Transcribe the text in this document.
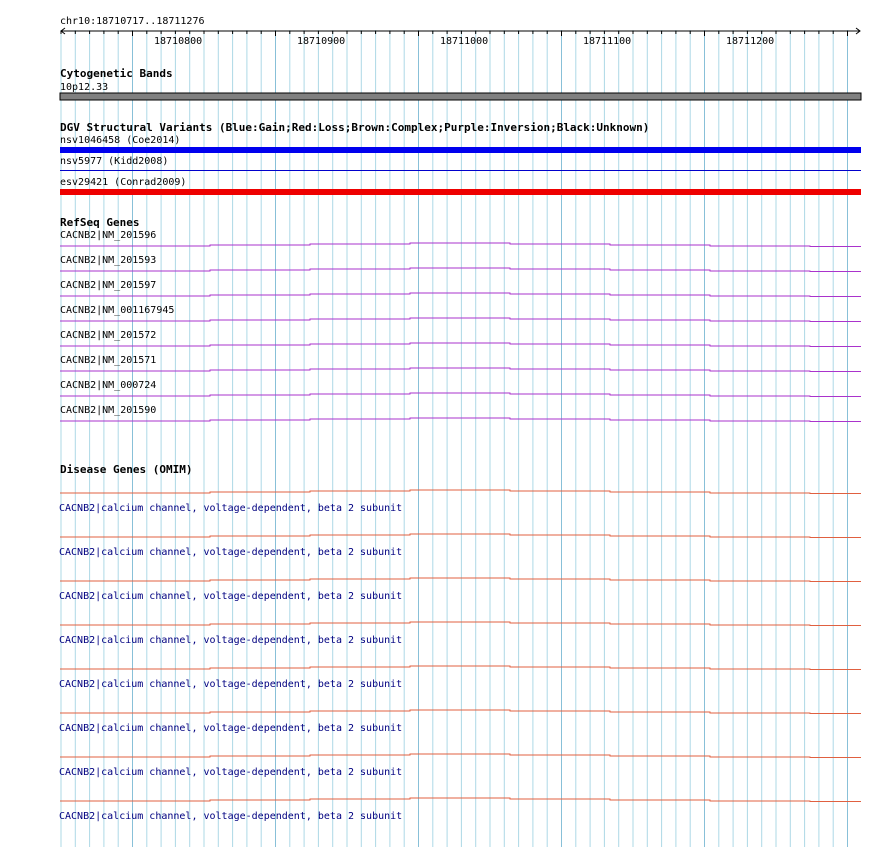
chr10:18710717..18711276
18710800	18710900	18711000	18711100	18711200
Cytogenetic Bands
10p12.33
DGV Structural Variants (Blue:Gain;Red:Loss;Brown:Complex;Purple:Inversion;Black:Unknown)
nsv1046458 (Coe2014)
nsv5977 (Kidd2008)
esv29421 (Conrad2009)
RefSeq Genes
CACNB2|NM_201596
CACNB2|NM_201593
CACNB2|NM_201597
CACNB2|NM_001167945
CACNB2|NM_201572
CACNB2|NM_201571
CACNB2|NM_000724
CACNB2|NM_201590
Disease Genes (OMIM)
CACNB2|calcium channel, voltage-dependent, beta 2 subunit
CACNB2|calcium channel, voltage-dependent, beta 2 subunit
CACNB2|calcium channel, voltage-dependent, beta 2 subunit
CACNB2|calcium channel, voltage-dependent, beta 2 subunit
CACNB2|calcium channel, voltage-dependent, beta 2 subunit
CACNB2|calcium channel, voltage-dependent, beta 2 subunit
CACNB2|calcium channel, voltage-dependent, beta 2 subunit
CACNB2|calcium channel, voltage-dependent, beta 2 subunit
